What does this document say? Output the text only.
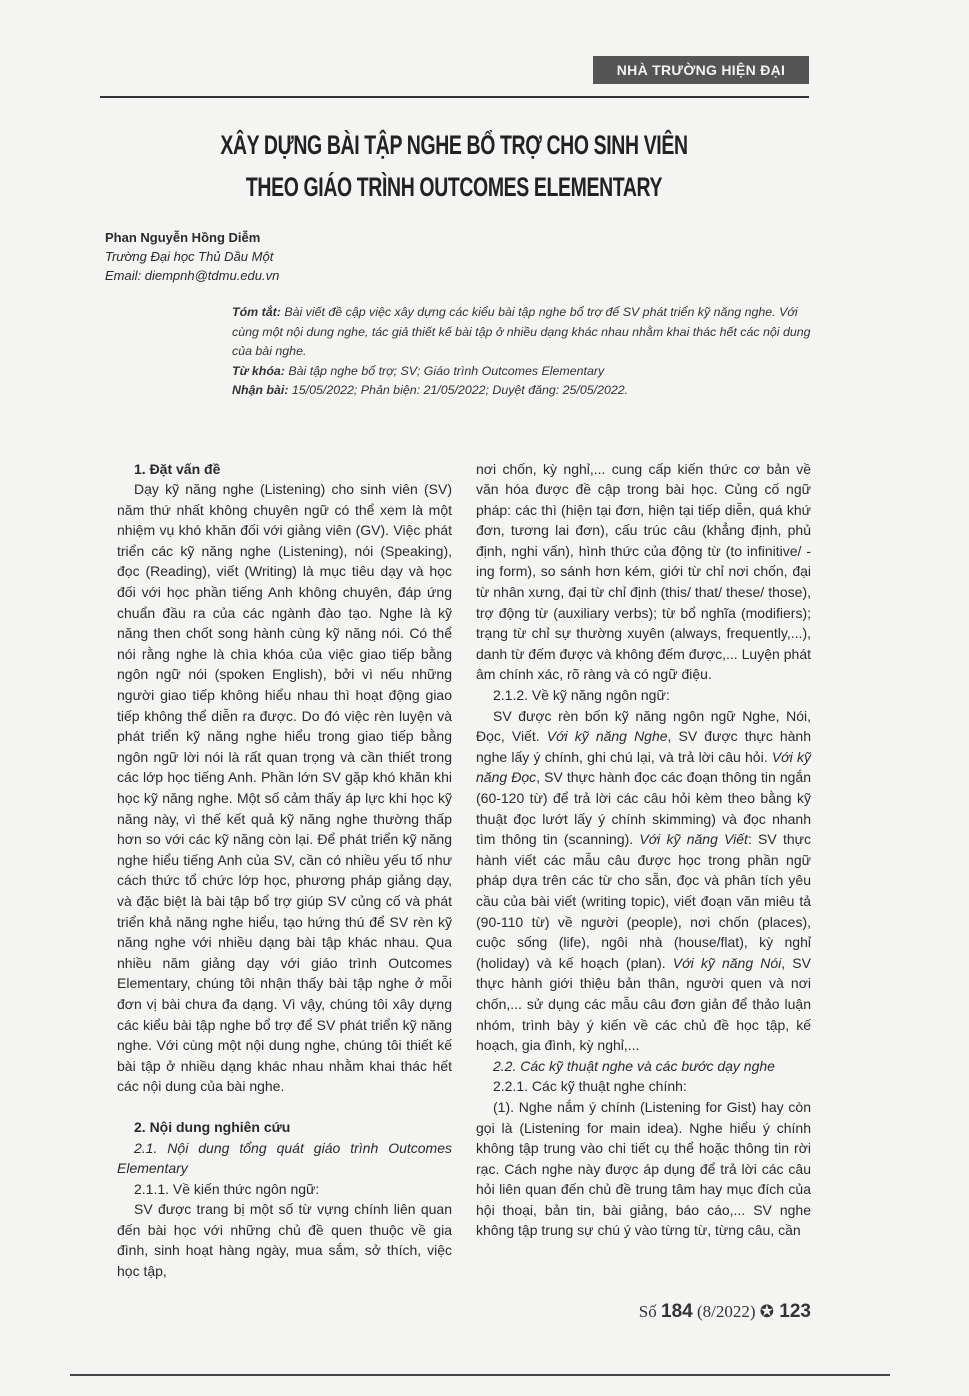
NHÀ TRƯỜNG HIỆN ĐẠI
XÂY DỰNG BÀI TẬP NGHE BỔ TRỢ CHO SINH VIÊN
THEO GIÁO TRÌNH OUTCOMES ELEMENTARY
Phan Nguyễn Hồng Diễm
Trường Đại học Thủ Dầu Một
Email: diempnh@tdmu.edu.vn
Tóm tắt: Bài viết đề cập việc xây dựng các kiểu bài tập nghe bổ trợ để SV phát triển kỹ năng nghe. Với cùng một nội dung nghe, tác giả thiết kế bài tập ở nhiều dạng khác nhau nhằm khai thác hết các nội dung của bài nghe.
Từ khóa: Bài tập nghe bổ trợ; SV; Giáo trình Outcomes Elementary
Nhận bài: 15/05/2022; Phản biện: 21/05/2022; Duyệt đăng: 25/05/2022.
1. Đặt vấn đề

Dạy kỹ năng nghe (Listening) cho sinh viên (SV) năm thứ nhất không chuyên ngữ có thể xem là một nhiệm vụ khó khăn đối với giảng viên (GV). Việc phát triển các kỹ năng nghe (Listening), nói (Speaking), đọc (Reading), viết (Writing) là mục tiêu dạy và học đối với học phần tiếng Anh không chuyên, đáp ứng chuẩn đầu ra của các ngành đào tạo. Nghe là kỹ năng then chốt song hành cùng kỹ năng nói. Có thể nói rằng nghe là chìa khóa của việc giao tiếp bằng ngôn ngữ nói (spoken English), bởi vì nếu những người giao tiếp không hiểu nhau thì hoạt động giao tiếp không thể diễn ra được. Do đó việc rèn luyện và phát triển kỹ năng nghe hiểu trong giao tiếp bằng ngôn ngữ lời nói là rất quan trọng và cần thiết trong các lớp học tiếng Anh. Phần lớn SV gặp khó khăn khi học kỹ năng nghe. Một số cảm thấy áp lực khi học kỹ năng này, vì thế kết quả kỹ năng nghe thường thấp hơn so với các kỹ năng còn lại. Để phát triển kỹ năng nghe hiểu tiếng Anh của SV, cần có nhiều yếu tố như cách thức tổ chức lớp học, phương pháp giảng dạy, và đặc biệt là bài tập bổ trợ giúp SV củng cố và phát triển khả năng nghe hiểu, tạo hứng thú để SV rèn kỹ năng nghe với nhiều dạng bài tập khác nhau. Qua nhiều năm giảng dạy với giáo trình Outcomes Elementary, chúng tôi nhận thấy bài tập nghe ở mỗi đơn vị bài chưa đa dạng. Vì vậy, chúng tôi xây dựng các kiểu bài tập nghe bổ trợ để SV phát triển kỹ năng nghe. Với cùng một nội dung nghe, chúng tôi thiết kế bài tập ở nhiều dạng khác nhau nhằm khai thác hết các nội dung của bài nghe.

2. Nội dung nghiên cứu

2.1. Nội dung tổng quát giáo trình Outcomes Elementary

2.1.1. Về kiến thức ngôn ngữ:

SV được trang bị một số từ vựng chính liên quan đến bài học với những chủ đề quen thuộc về gia đình, sinh hoạt hàng ngày, mua sắm, sở thích, việc học tập,

nơi chốn, kỳ nghỉ,... cung cấp kiến thức cơ bản về văn hóa được đề cập trong bài học. Củng cố ngữ pháp: các thì (hiện tại đơn, hiện tại tiếp diễn, quá khứ đơn, tương lai đơn), cấu trúc câu (khẳng định, phủ định, nghi vấn), hình thức của động từ (to infinitive/ - ing form), so sánh hơn kém, giới từ chỉ nơi chốn, đại từ nhân xưng, đại từ chỉ định (this/ that/ these/ those), trợ động từ (auxiliary verbs); từ bổ nghĩa (modifiers); trạng từ chỉ sự thường xuyên (always, frequently,...), danh từ đếm được và không đếm được,... Luyện phát âm chính xác, rõ ràng và có ngữ điệu.

2.1.2. Về kỹ năng ngôn ngữ:

SV được rèn bốn kỹ năng ngôn ngữ Nghe, Nói, Đọc, Viết. Với kỹ năng Nghe, SV được thực hành nghe lấy ý chính, ghi chú lại, và trả lời câu hỏi. Với kỹ năng Đọc, SV thực hành đọc các đoạn thông tin ngắn (60-120 từ) để trả lời các câu hỏi kèm theo bằng kỹ thuật đọc lướt lấy ý chính skimming) và đọc nhanh tìm thông tin (scanning). Với kỹ năng Viết: SV thực hành viết các mẫu câu được học trong phần ngữ pháp dựa trên các từ cho sẵn, đọc và phân tích yêu cầu của bài viết (writing topic), viết đoạn văn miêu tả (90-110 từ) về người (people), nơi chốn (places), cuộc sống (life), ngôi nhà (house/flat), kỳ nghỉ (holiday) và kế hoạch (plan). Với kỹ năng Nói, SV thực hành giới thiệu bản thân, người quen và nơi chốn,... sử dụng các mẫu câu đơn giản để thảo luận nhóm, trình bày ý kiến về các chủ đề học tập, kế hoạch, gia đình, kỳ nghỉ,...

2.2. Các kỹ thuật nghe và các bước dạy nghe

2.2.1. Các kỹ thuật nghe chính:

(1). Nghe nắm ý chính (Listening for Gist) hay còn gọi là (Listening for main idea). Nghe hiểu ý chính không tập trung vào chi tiết cụ thể hoặc thông tin rời rạc. Cách nghe này được áp dụng để trả lời các câu hỏi liên quan đến chủ đề trung tâm hay mục đích của hội thoại, bản tin, bài giảng, báo cáo,... SV nghe không tập trung sự chú ý vào từng từ, từng câu, cần

Số 184 (8/2022) ✪ 123
